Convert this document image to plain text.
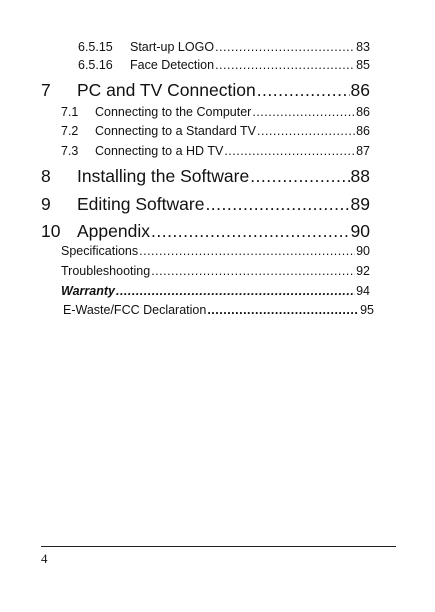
6.5.15	Start-up LOGO .....	83
6.5.16	Face Detection .....	85
7	PC and TV Connection .....	86
7.1	Connecting to the Computer .....	86
7.2	Connecting to a Standard TV .....	86
7.3	Connecting to a HD TV .....	87
8	Installing the Software .....	88
9	Editing Software .....	89
10 Appendix .....	90
Specifications .....	90
Troubleshooting .....	92
Warranty .....	94
E-Waste/FCC Declaration .....	95
4
